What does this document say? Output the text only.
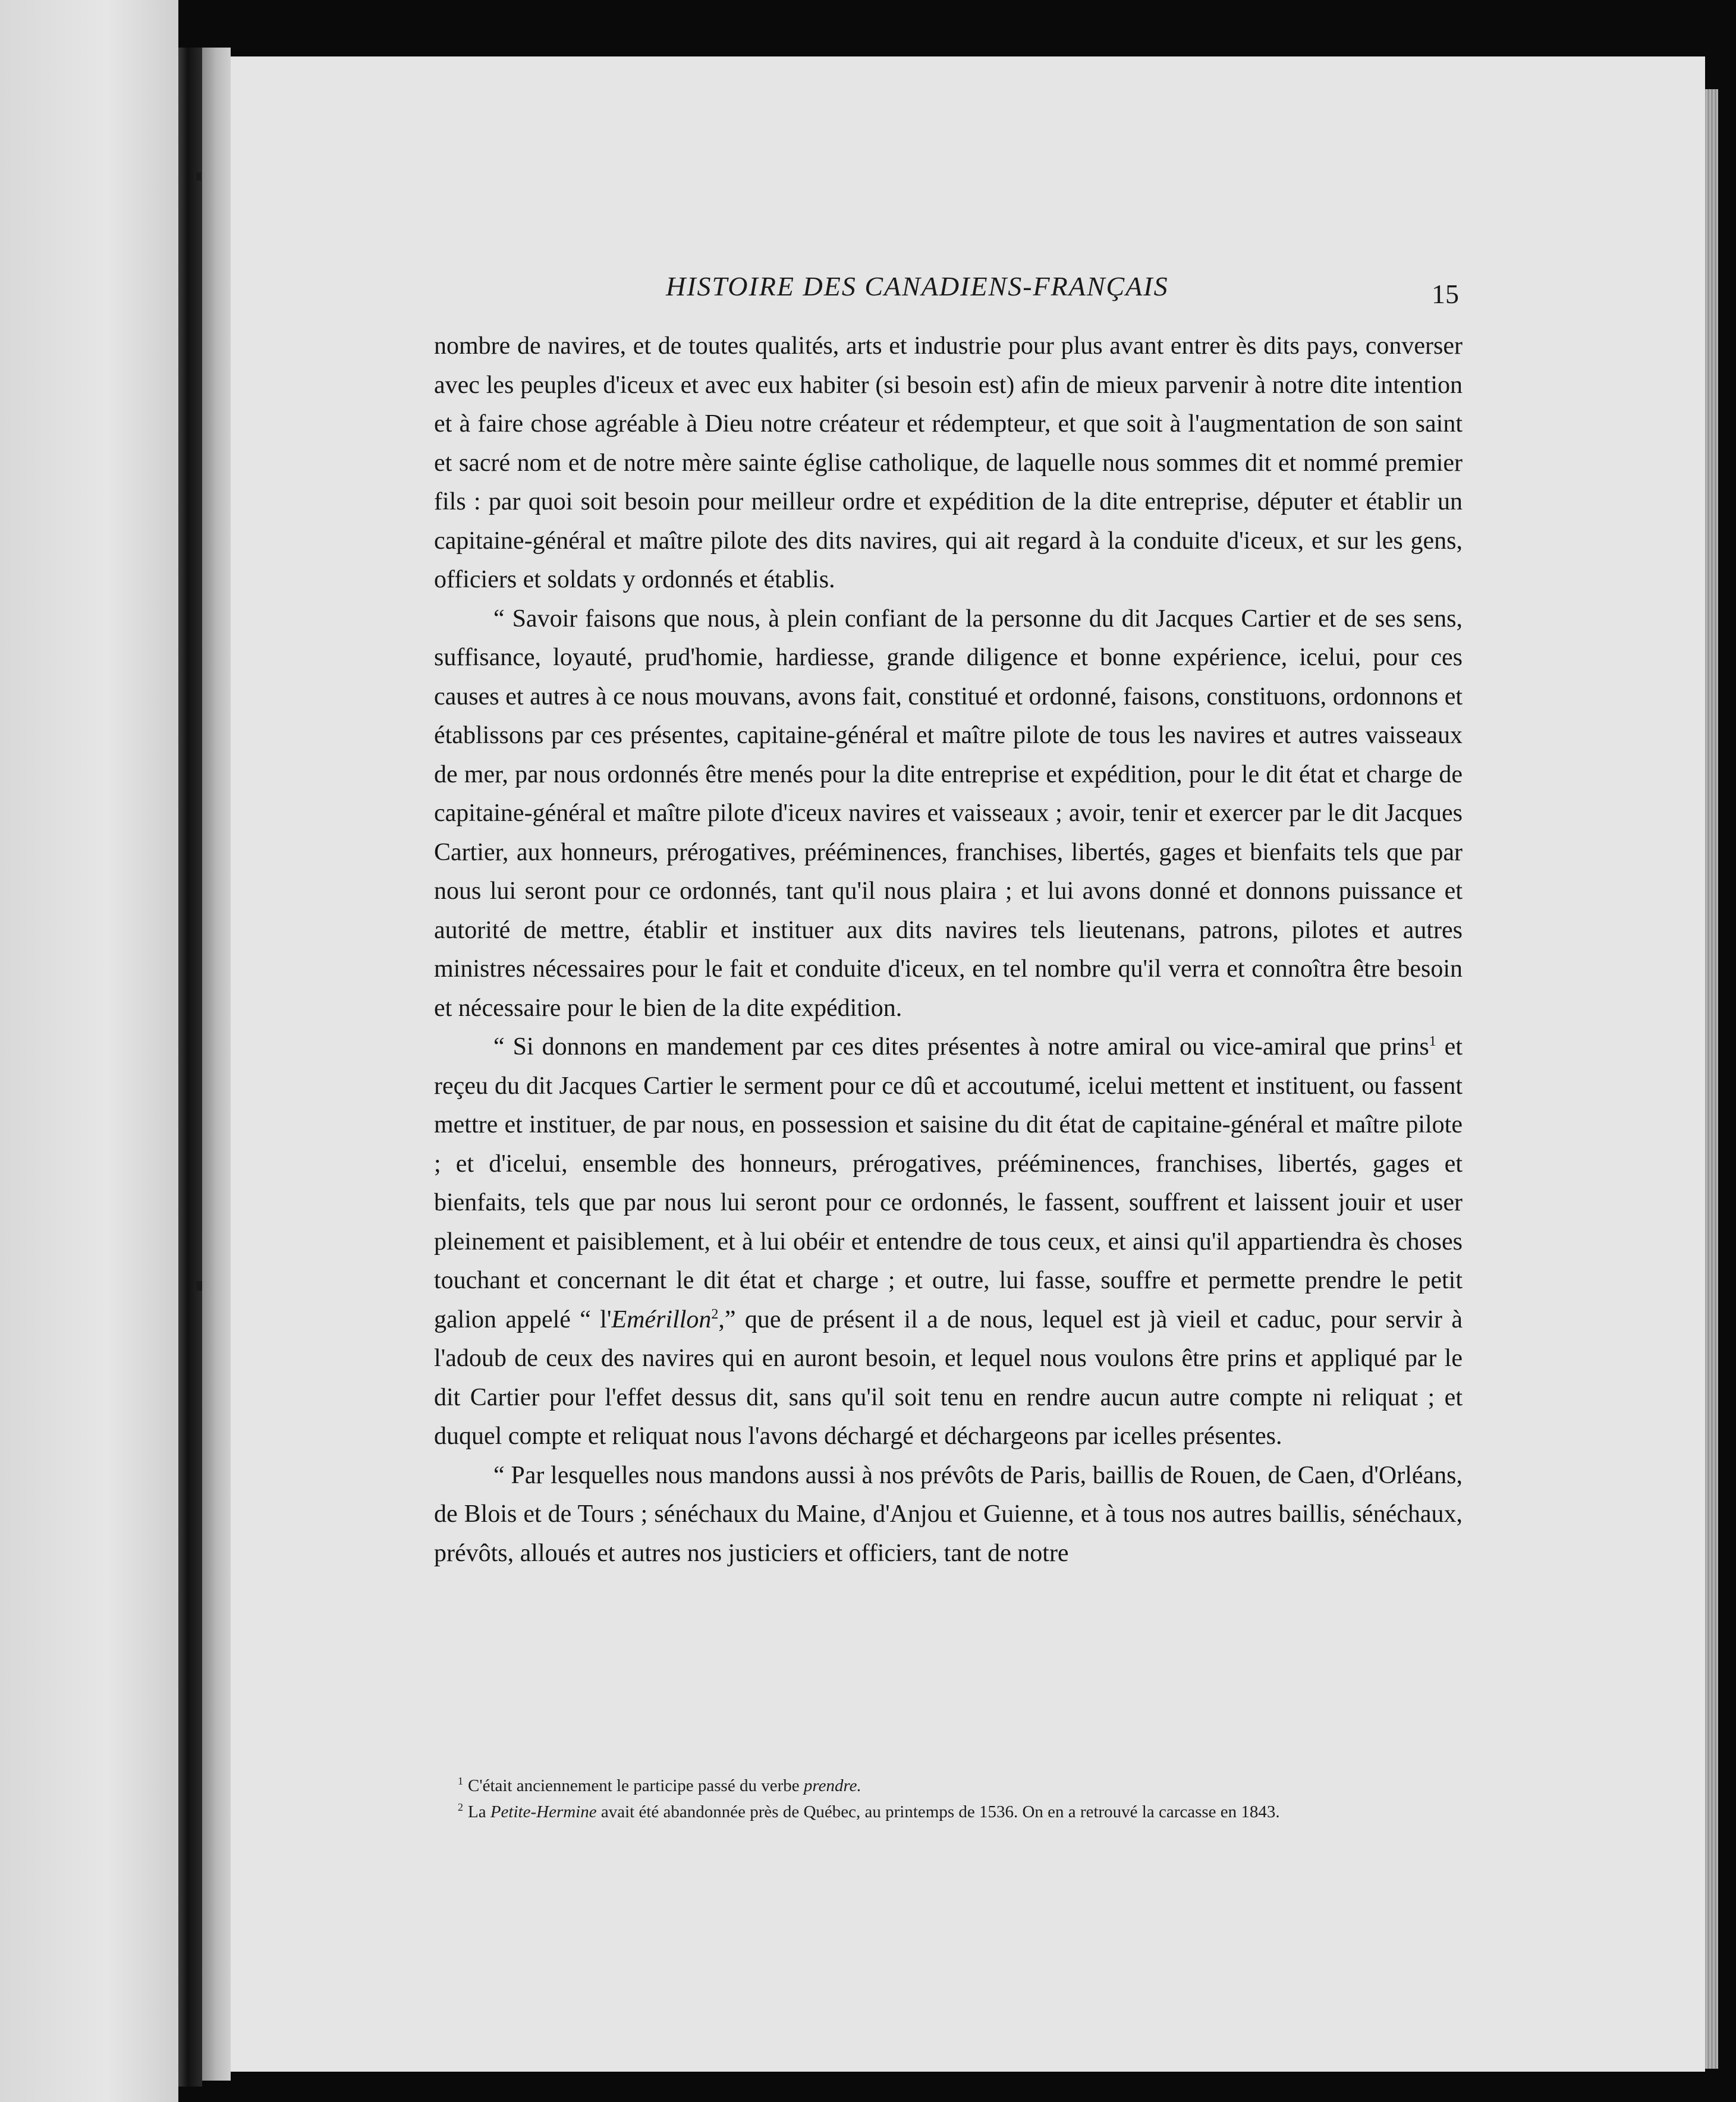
HISTOIRE DES CANADIENS-FRANÇAIS	15

nombre de navires, et de toutes qualités, arts et industrie pour plus avant entrer ès dits pays, converser avec les peuples d'iceux et avec eux habiter (si besoin est) afin de mieux parvenir à notre dite intention et à faire chose agréable à Dieu notre créateur et rédempteur, et que soit à l'augmentation de son saint et sacré nom et de notre mère sainte église catholique, de laquelle nous sommes dit et nommé premier fils : par quoi soit besoin pour meilleur ordre et expédition de la dite entreprise, députer et établir un capitaine-général et maître pilote des dits navires, qui ait regard à la conduite d'iceux, et sur les gens, officiers et soldats y ordonnés et établis.

“ Savoir faisons que nous, à plein confiant de la personne du dit Jacques Cartier et de ses sens, suffisance, loyauté, prud'homie, hardiesse, grande diligence et bonne expérience, icelui, pour ces causes et autres à ce nous mouvans, avons fait, constitué et ordonné, faisons, constituons, ordonnons et établissons par ces présentes, capitaine-général et maître pilote de tous les navires et autres vaisseaux de mer, par nous ordonnés être menés pour la dite entreprise et expédition, pour le dit état et charge de capitaine-général et maître pilote d'iceux navires et vaisseaux ; avoir, tenir et exercer par le dit Jacques Cartier, aux honneurs, prérogatives, prééminences, franchises, libertés, gages et bienfaits tels que par nous lui seront pour ce ordonnés, tant qu'il nous plaira ; et lui avons donné et donnons puissance et autorité de mettre, établir et instituer aux dits navires tels lieutenans, patrons, pilotes et autres ministres nécessaires pour le fait et conduite d'iceux, en tel nombre qu'il verra et connoîtra être besoin et nécessaire pour le bien de la dite expédition.

“ Si donnons en mandement par ces dites présentes à notre amiral ou vice-amiral que prins$^1$ et reçeu du dit Jacques Cartier le serment pour ce dû et accoutumé, icelui mettent et instituent, ou fassent mettre et instituer, de par nous, en possession et saisine du dit état de capitaine-général et maître pilote ; et d'icelui, ensemble des honneurs, prérogatives, prééminences, franchises, libertés, gages et bienfaits, tels que par nous lui seront pour ce ordonnés, le fassent, souffrent et laissent jouir et user pleinement et paisiblement, et à lui obéir et entendre de tous ceux, et ainsi qu'il appartiendra ès choses touchant et concernant le dit état et charge ; et outre, lui fasse, souffre et permette prendre le petit galion appelé “ l'Emérillon$^2$,” que de présent il a de nous, lequel est jà vieil et caduc, pour servir à l'adoub de ceux des navires qui en auront besoin, et lequel nous voulons être prins et appliqué par le dit Cartier pour l'effet dessus dit, sans qu'il soit tenu en rendre aucun autre compte ni reliquat ; et duquel compte et reliquat nous l'avons déchargé et déchargeons par icelles présentes.

“ Par lesquelles nous mandons aussi à nos prévôts de Paris, baillis de Rouen, de Caen, d'Orléans, de Blois et de Tours ; sénéchaux du Maine, d'Anjou et Guienne, et à tous nos autres baillis, sénéchaux, prévôts, alloués et autres nos justiciers et officiers, tant de notre

$^1$ C'était anciennement le participe passé du verbe prendre.

$^2$ La Petite-Hermine avait été abandonnée près de Québec, au printemps de 1536. On en a retrouvé la carcasse en 1843.
